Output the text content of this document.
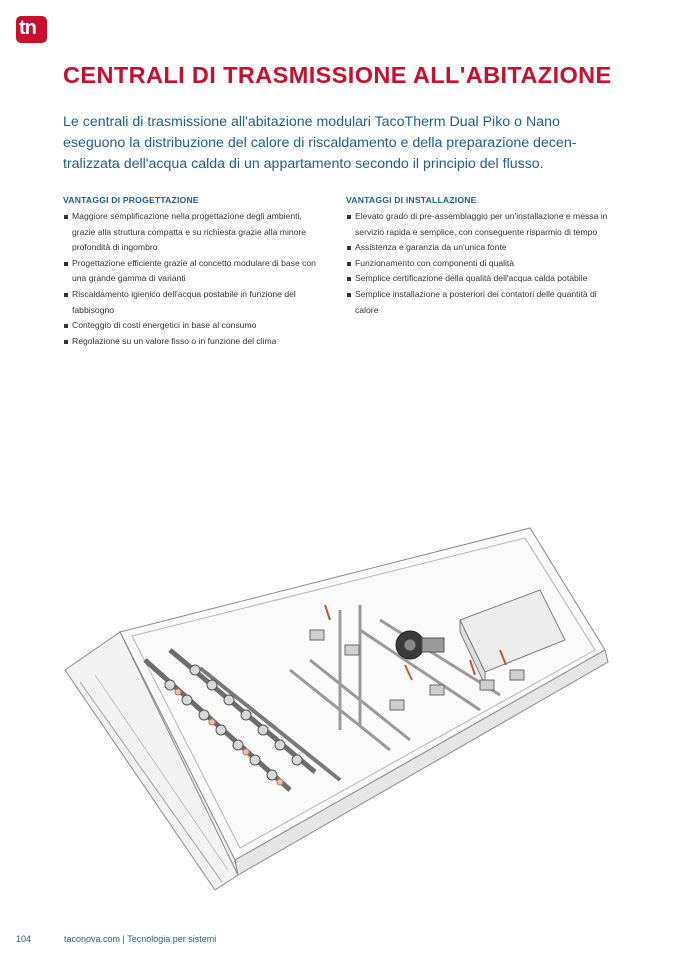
tn
CENTRALI DI TRASMISSIONE ALL'ABITAZIONE

Le centrali di trasmissione all'abitazione modulari TacoTherm Dual Piko o Nano eseguono la distribuzione del calore di riscaldamento e della preparazione decen-tralizzata dell'acqua calda di un appartamento secondo il principio del flusso.

VANTAGGI DI PROGETTAZIONE
Maggiore semplificazione nella progettazione degli ambienti, grazie alla struttura compatta e su richiesta grazie alla minore profondità di ingombro
Progettazione efficiente grazie al concetto modulare di base con una grande gamma di varianti
Riscaldamento igienico dell'acqua postabile in funzione del fabbisogno
Conteggio di costi energetici in base al consumo
Regolazione su un valore fisso o in funzione del clima
VANTAGGI DI INSTALLAZIONE
Elevato grado di pre-assemblaggio per un'installazione e messa in servizio rapida e semplice, con conseguente risparmio di tempo
Assistenza e garanzia da un'unica fonte
Funzionamento con componenti di qualità
Semplice certificazione della qualità dell'acqua calda potabile
Semplice installazione a posteriori dei contatori delle quantità di calore
104	taconova.com | Tecnologia per sistemi
